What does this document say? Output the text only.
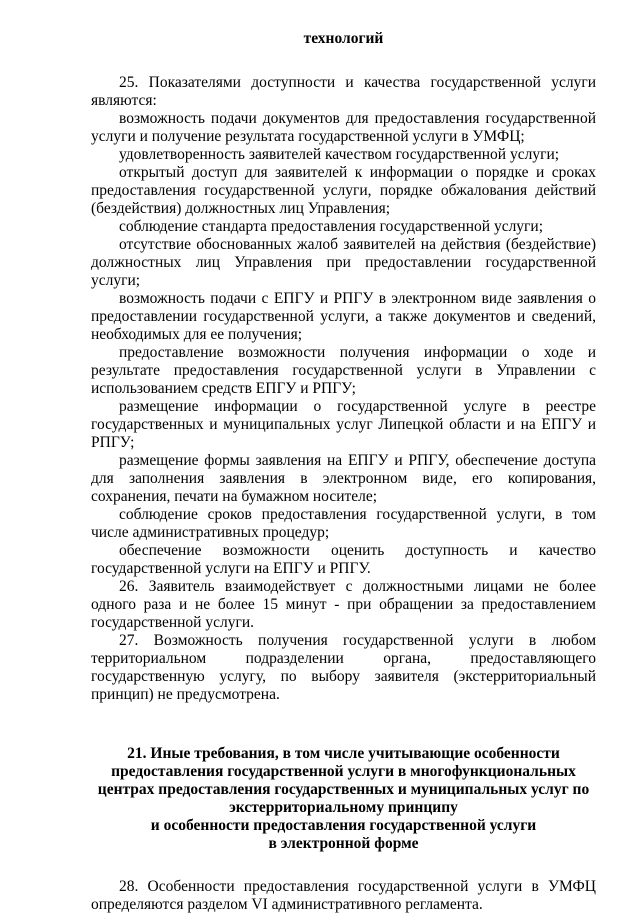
технологий

25. Показателями доступности и качества государственной услуги являются:

возможность подачи документов для предоставления государственной услуги и получение результата государственной услуги в УМФЦ;

удовлетворенность заявителей качеством государственной услуги;

открытый доступ для заявителей к информации о порядке и сроках предоставления государственной услуги, порядке обжалования действий (бездействия) должностных лиц Управления;

соблюдение стандарта предоставления государственной услуги;

отсутствие обоснованных жалоб заявителей на действия (бездействие) должностных лиц Управления при предоставлении государственной услуги;

возможность подачи с ЕПГУ и РПГУ в электронном виде заявления о предоставлении государственной услуги, а также документов и сведений, необходимых для ее получения;

предоставление возможности получения информации о ходе и результате предоставления государственной услуги в Управлении с использованием средств ЕПГУ и РПГУ;

размещение информации о государственной услуге в реестре государственных и муниципальных услуг Липецкой области и на ЕПГУ и РПГУ;

размещение формы заявления на ЕПГУ и РПГУ, обеспечение доступа для заполнения заявления в электронном виде, его копирования, сохранения, печати на бумажном носителе;

соблюдение сроков предоставления государственной услуги, в том числе административных процедур;

обеспечение возможности оценить доступность и качество государственной услуги на ЕПГУ и РПГУ.

26. Заявитель взаимодействует с должностными лицами не более одного раза и не более 15 минут - при обращении за предоставлением государственной услуги.

27. Возможность получения государственной услуги в любом территориальном подразделении органа, предоставляющего государственную услугу, по выбору заявителя (экстерриториальный принцип) не предусмотрена.

21. Иные требования, в том числе учитывающие особенности
предоставления государственной услуги в многофункциональных
центрах предоставления государственных и муниципальных услуг по
экстерриториальному принципу
и особенности предоставления государственной услуги
в электронной форме

28. Особенности предоставления государственной услуги в УМФЦ определяются разделом VI административного регламента.
